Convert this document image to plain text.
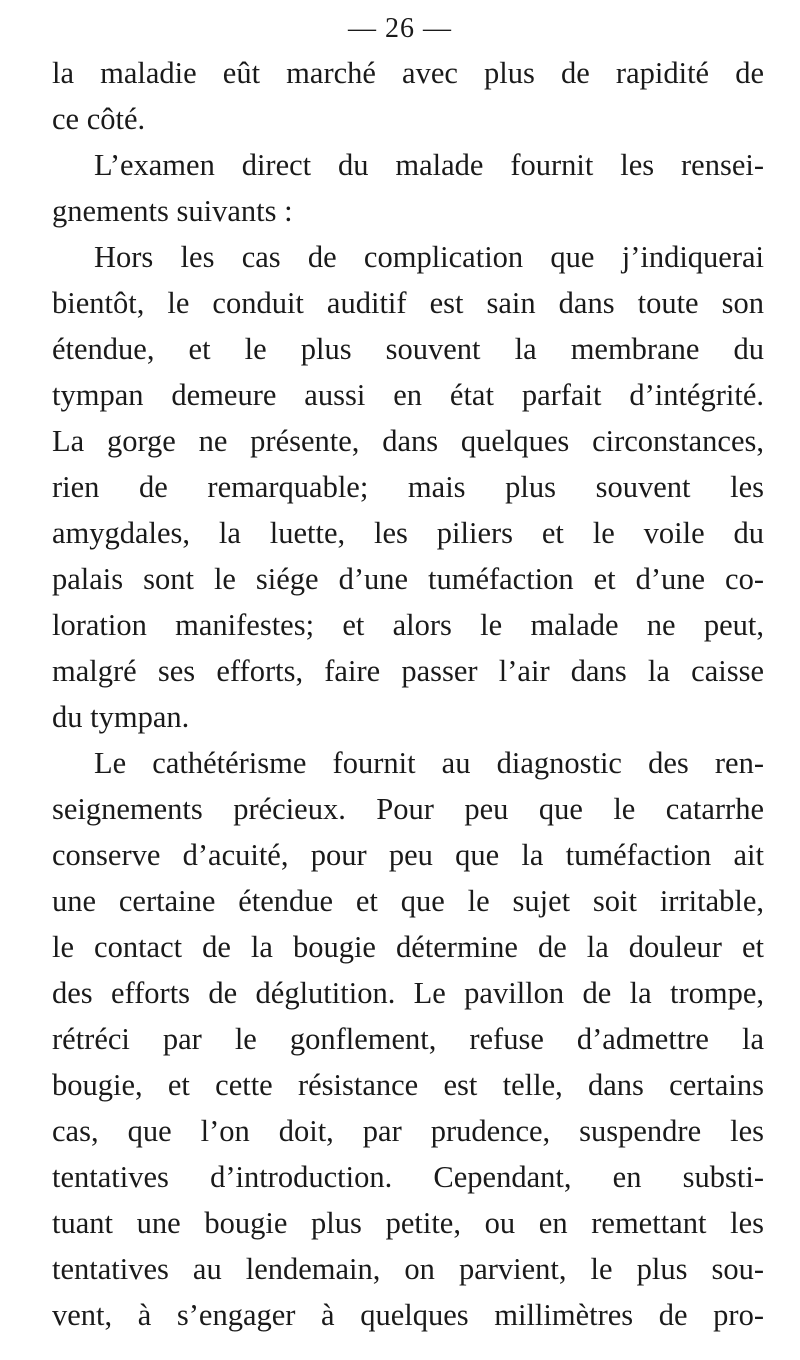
— 26 —
la maladie eût marché avec plus de rapidité de
ce côté.
L’examen direct du malade fournit les rensei-
gnements suivants :
Hors les cas de complication que j’indiquerai
bientôt, le conduit auditif est sain dans toute son
étendue, et le plus souvent la membrane du
tympan demeure aussi en état parfait d’intégrité.
La gorge ne présente, dans quelques circonstances,
rien de remarquable; mais plus souvent les
amygdales, la luette, les piliers et le voile du
palais sont le siége d’une tuméfaction et d’une co-
loration manifestes; et alors le malade ne peut,
malgré ses efforts, faire passer l’air dans la caisse
du tympan.
Le cathétérisme fournit au diagnostic des ren-
seignements précieux. Pour peu que le catarrhe
conserve d’acuité, pour peu que la tuméfaction ait
une certaine étendue et que le sujet soit irritable,
le contact de la bougie détermine de la douleur et
des efforts de déglutition. Le pavillon de la trompe,
rétréci par le gonflement, refuse d’admettre la
bougie, et cette résistance est telle, dans certains
cas, que l’on doit, par prudence, suspendre les
tentatives d’introduction. Cependant, en substi-
tuant une bougie plus petite, ou en remettant les
tentatives au lendemain, on parvient, le plus sou-
vent, à s’engager à quelques millimètres de pro-
